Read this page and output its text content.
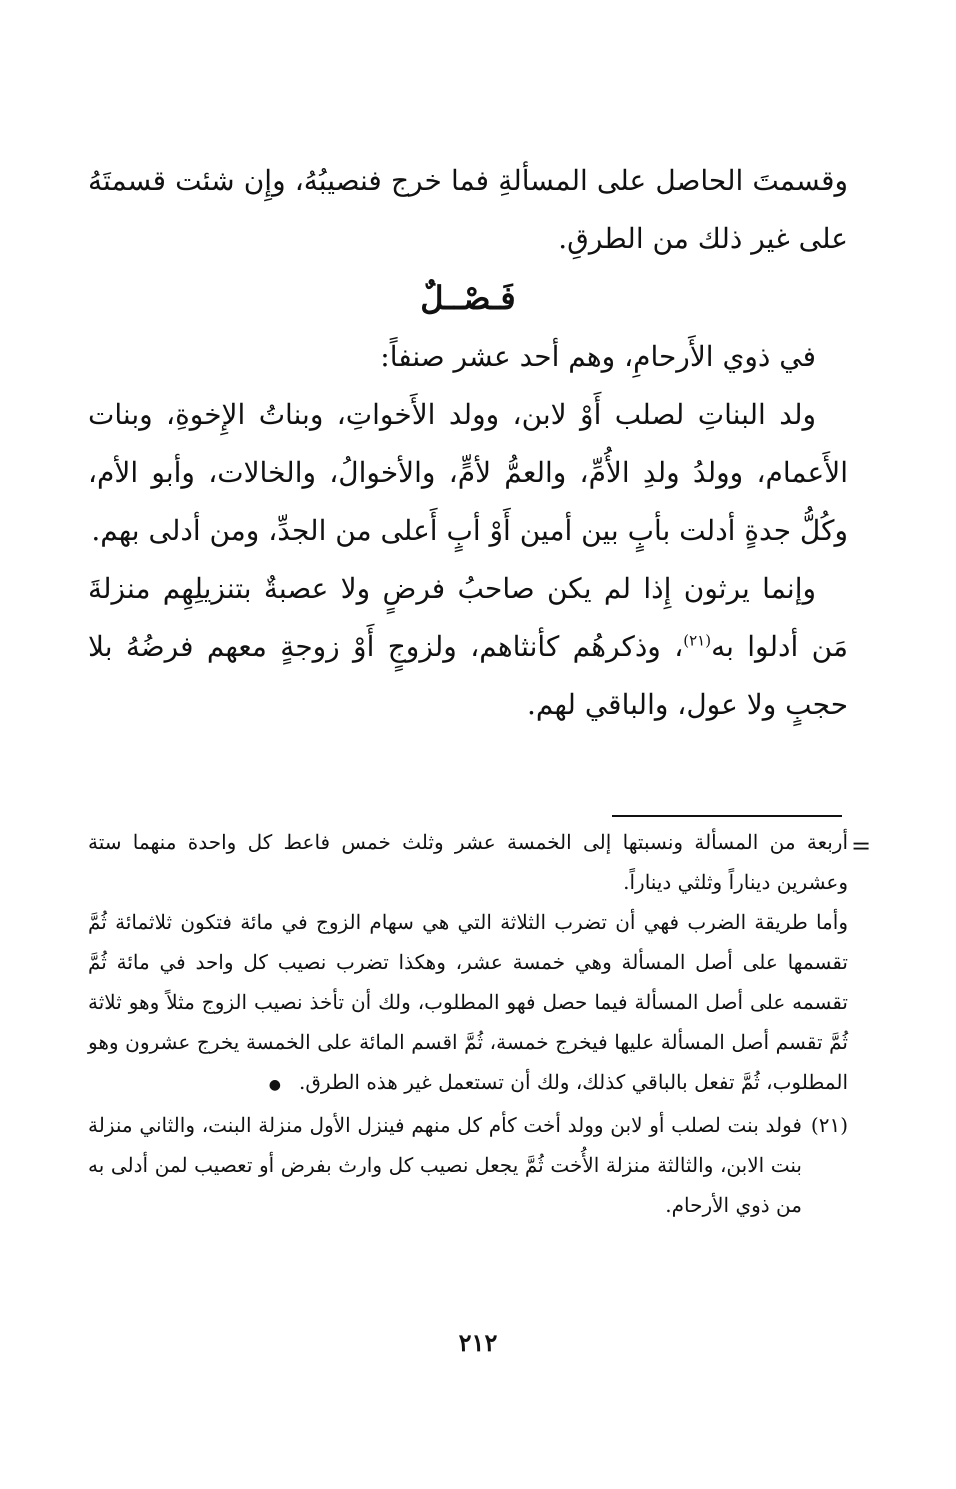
وقسمتَ الحاصل على المسألةِ فما خرج فنصيبُهُ، وإِن شئت قسمتَهُ على غير ذلك من الطرقِ.

فَـصْــلٌ

في ذوي الأَرحامِ، وهم أحد عشر صنفاً:

ولد البناتِ لصلب أَوْ لابن، وولد الأَخواتِ، وبناتُ الإِخوةِ، وبنات الأَعمام، وولدُ ولدِ الأُمِّ، والعمُّ لأمٍّ، والأخوالُ، والخالات، وأبو الأم، وكُلُّ جدةٍ أدلت بأبٍ بين أمين أَوْ أبٍ أَعلى من الجدِّ، ومن أدلى بهم.

وإنما يرثون إِذا لم يكن صاحبُ فرضٍ ولا عصبةٌ بتنزيلِهِم منزلةَ مَن أدلوا به$^{(٢١)}$، وذكرهُم كأنثاهم، ولزوجٍ أَوْ زوجةٍ معهم فرضُهُ بلا حجبٍ ولا عول، والباقي لهم.

=

أربعة من المسألة ونسبتها إلى الخمسة عشر وثلث خمس فاعط كل واحدة منهما ستة وعشرين ديناراً وثلثي ديناراً.

وأما طريقة الضرب فهي أن تضرب الثلاثة التي هي سهام الزوج في مائة فتكون ثلاثمائة ثُمَّ تقسمها على أصل المسألة وهي خمسة عشر، وهكذا تضرب نصيب كل واحد في مائة ثُمَّ تقسمه على أصل المسألة فيما حصل فهو المطلوب، ولك أن تأخذ نصيب الزوج مثلاً وهو ثلاثة ثُمَّ تقسم أصل المسألة عليها فيخرج خمسة، ثُمَّ اقسم المائة على الخمسة يخرج عشرون وهو المطلوب، ثُمَّ تفعل بالباقي كذلك، ولك أن تستعمل غير هذه الطرق.●

(٢١)
فولد بنت لصلب أو لابن وولد أخت كأم كل منهم فينزل الأول منزلة البنت، والثاني منزلة بنت الابن، والثالثة منزلة الأُخت ثُمَّ يجعل نصيب كل وارث بفرض أو تعصيب لمن أدلى به من ذوي الأرحام.

٢١٢
